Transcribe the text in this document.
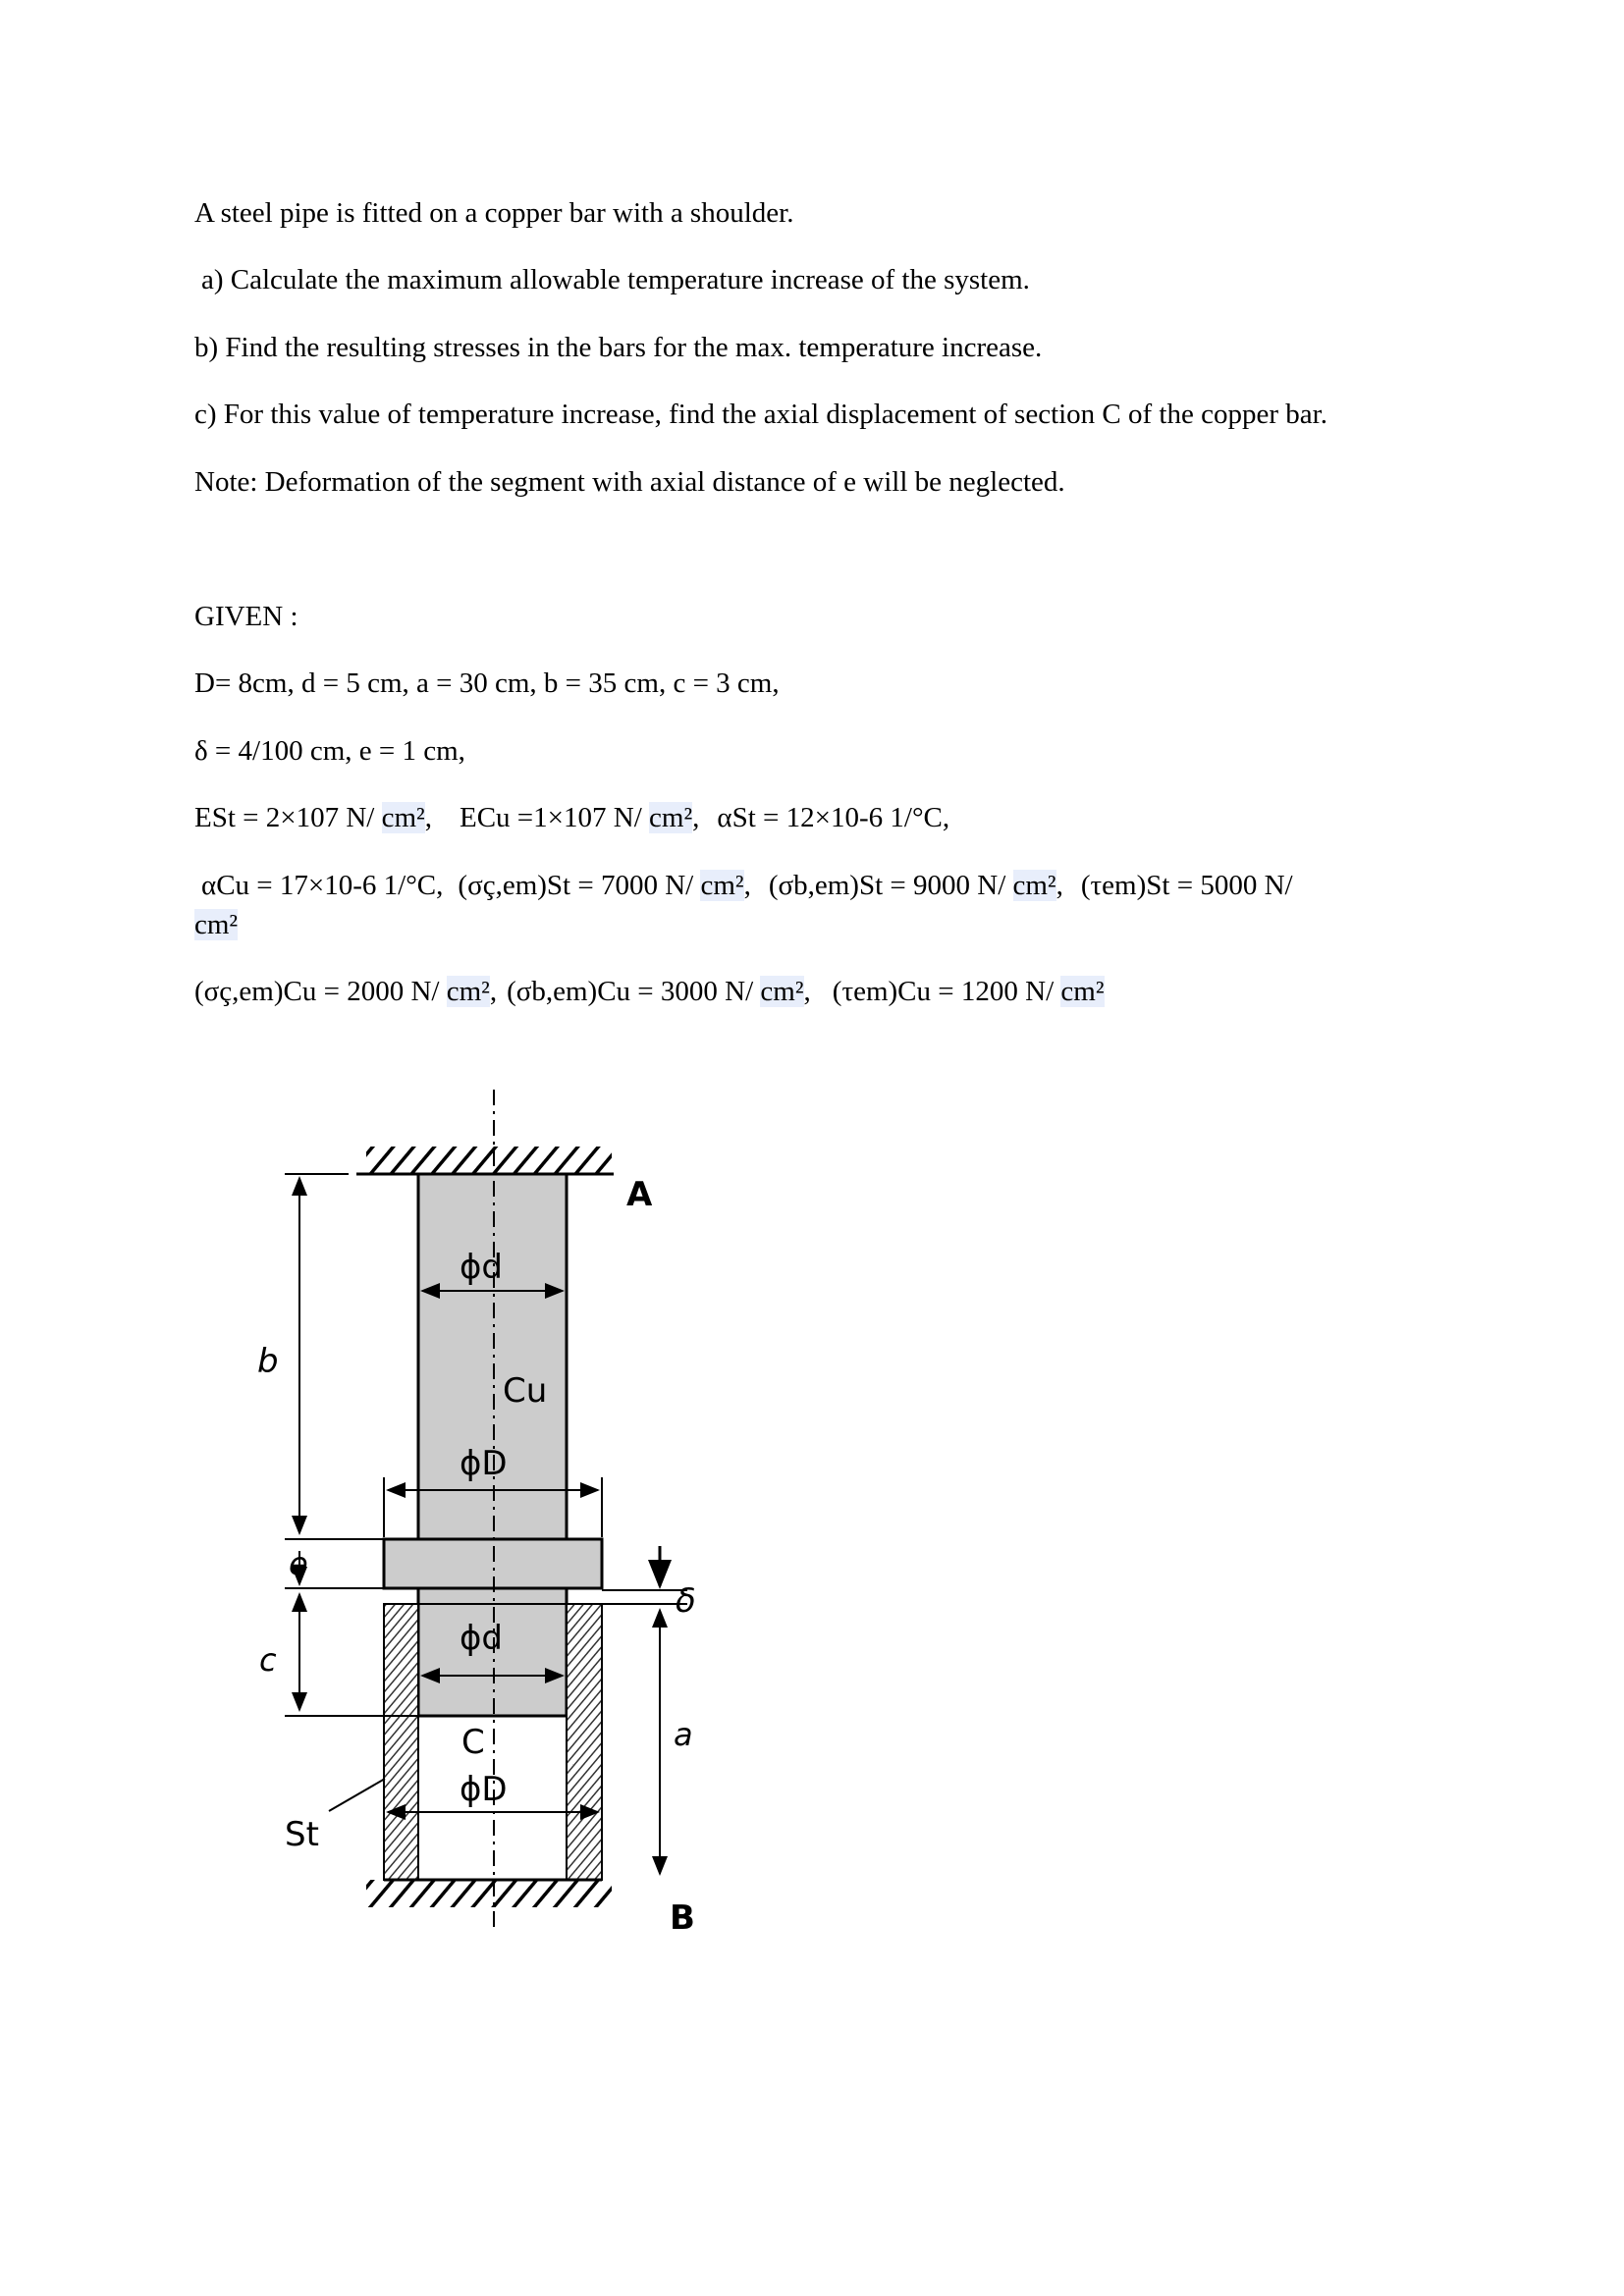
A steel pipe is fitted on a copper bar with a shoulder.
a) Calculate the maximum allowable temperature increase of the system.
b) Find the resulting stresses in the bars for the max. temperature increase.
c) For this value of temperature increase, find the axial displacement of section C of the copper bar.
Note: Deformation of the segment with axial distance of e will be neglected.
GIVEN :
D= 8cm, d = 5 cm, a = 30 cm, b = 35 cm, c = 3 cm,
δ = 4/100 cm, e = 1 cm,
ESt = 2×107 N/ cm², ECu =1×107 N/ cm², αSt = 12×10-6 1/°C,
αCu = 17×10-6 1/°C, (σç,em)St = 7000 N/ cm², (σb,em)St = 9000 N/ cm², (τem)St = 5000 N/
cm²
(σç,em)Cu = 2000 N/ cm², (σb,em)Cu = 3000 N/ cm², (τem)Cu = 1200 N/ cm²
A
B
b
e
c
a
δ
St
Cu
C
ϕd
ϕD
ϕd
ϕD
